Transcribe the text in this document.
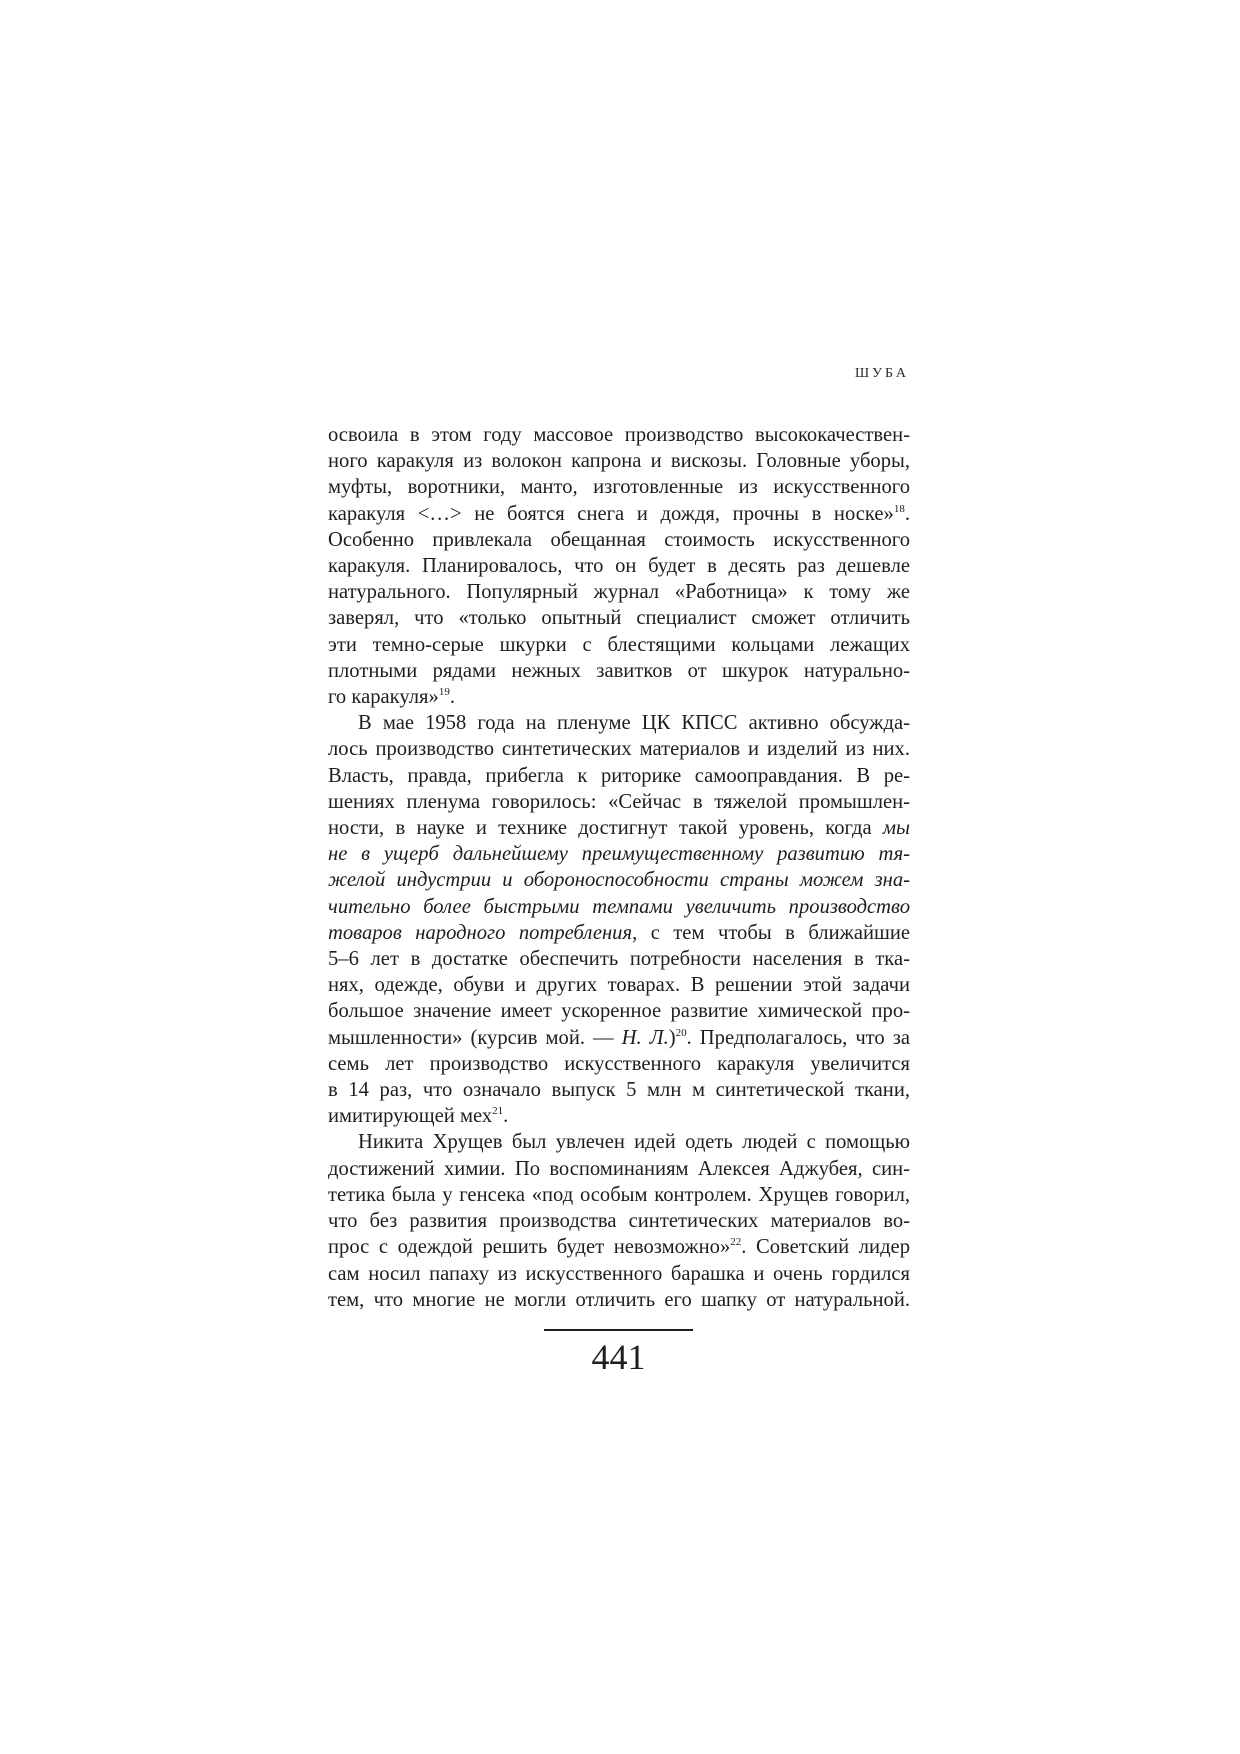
ШУБА
освоила в этом году массовое производство высококачествен-
ного каракуля из волокон капрона и вискозы. Головные уборы,
муфты, воротники, манто, изготовленные из искусственного
каракуля <…> не боятся снега и дождя, прочны в носке»$^{18}$.
Особенно привлекала обещанная стоимость искусственного
каракуля. Планировалось, что он будет в десять раз дешевле
натурального. Популярный журнал «Работница» к тому же
заверял, что «только опытный специалист сможет отличить
эти темно-серые шкурки с блестящими кольцами лежащих
плотными рядами нежных завитков от шкурок натурально-
го каракуля»$^{19}$.
В мае 1958 года на пленуме ЦК КПСС активно обсужда-
лось производство синтетических материалов и изделий из них.
Власть, правда, прибегла к риторике самооправдания. В ре-
шениях пленума говорилось: «Сейчас в тяжелой промышлен-
ности, в науке и технике достигнут такой уровень, когда мы
не в ущерб дальнейшему преимущественному развитию тя-
желой индустрии и обороноспособности страны можем зна-
чительно более быстрыми темпами увеличить производство
товаров народного потребления, с тем чтобы в ближайшие
5–6 лет в достатке обеспечить потребности населения в тка-
нях, одежде, обуви и других товарах. В решении этой задачи
большое значение имеет ускоренное развитие химической про-
мышленности» (курсив мой. — Н. Л.)$^{20}$. Предполагалось, что за
семь лет производство искусственного каракуля увеличится
в 14 раз, что означало выпуск 5 млн м синтетической ткани,
имитирующей мех$^{21}$.
Никита Хрущев был увлечен идей одеть людей с помощью
достижений химии. По воспоминаниям Алексея Аджубея, син-
тетика была у генсека «под особым контролем. Хрущев говорил,
что без развития производства синтетических материалов во-
прос с одеждой решить будет невозможно»$^{22}$. Советский лидер
сам носил папаху из искусственного барашка и очень гордился
тем, что многие не могли отличить его шапку от натуральной.
441
